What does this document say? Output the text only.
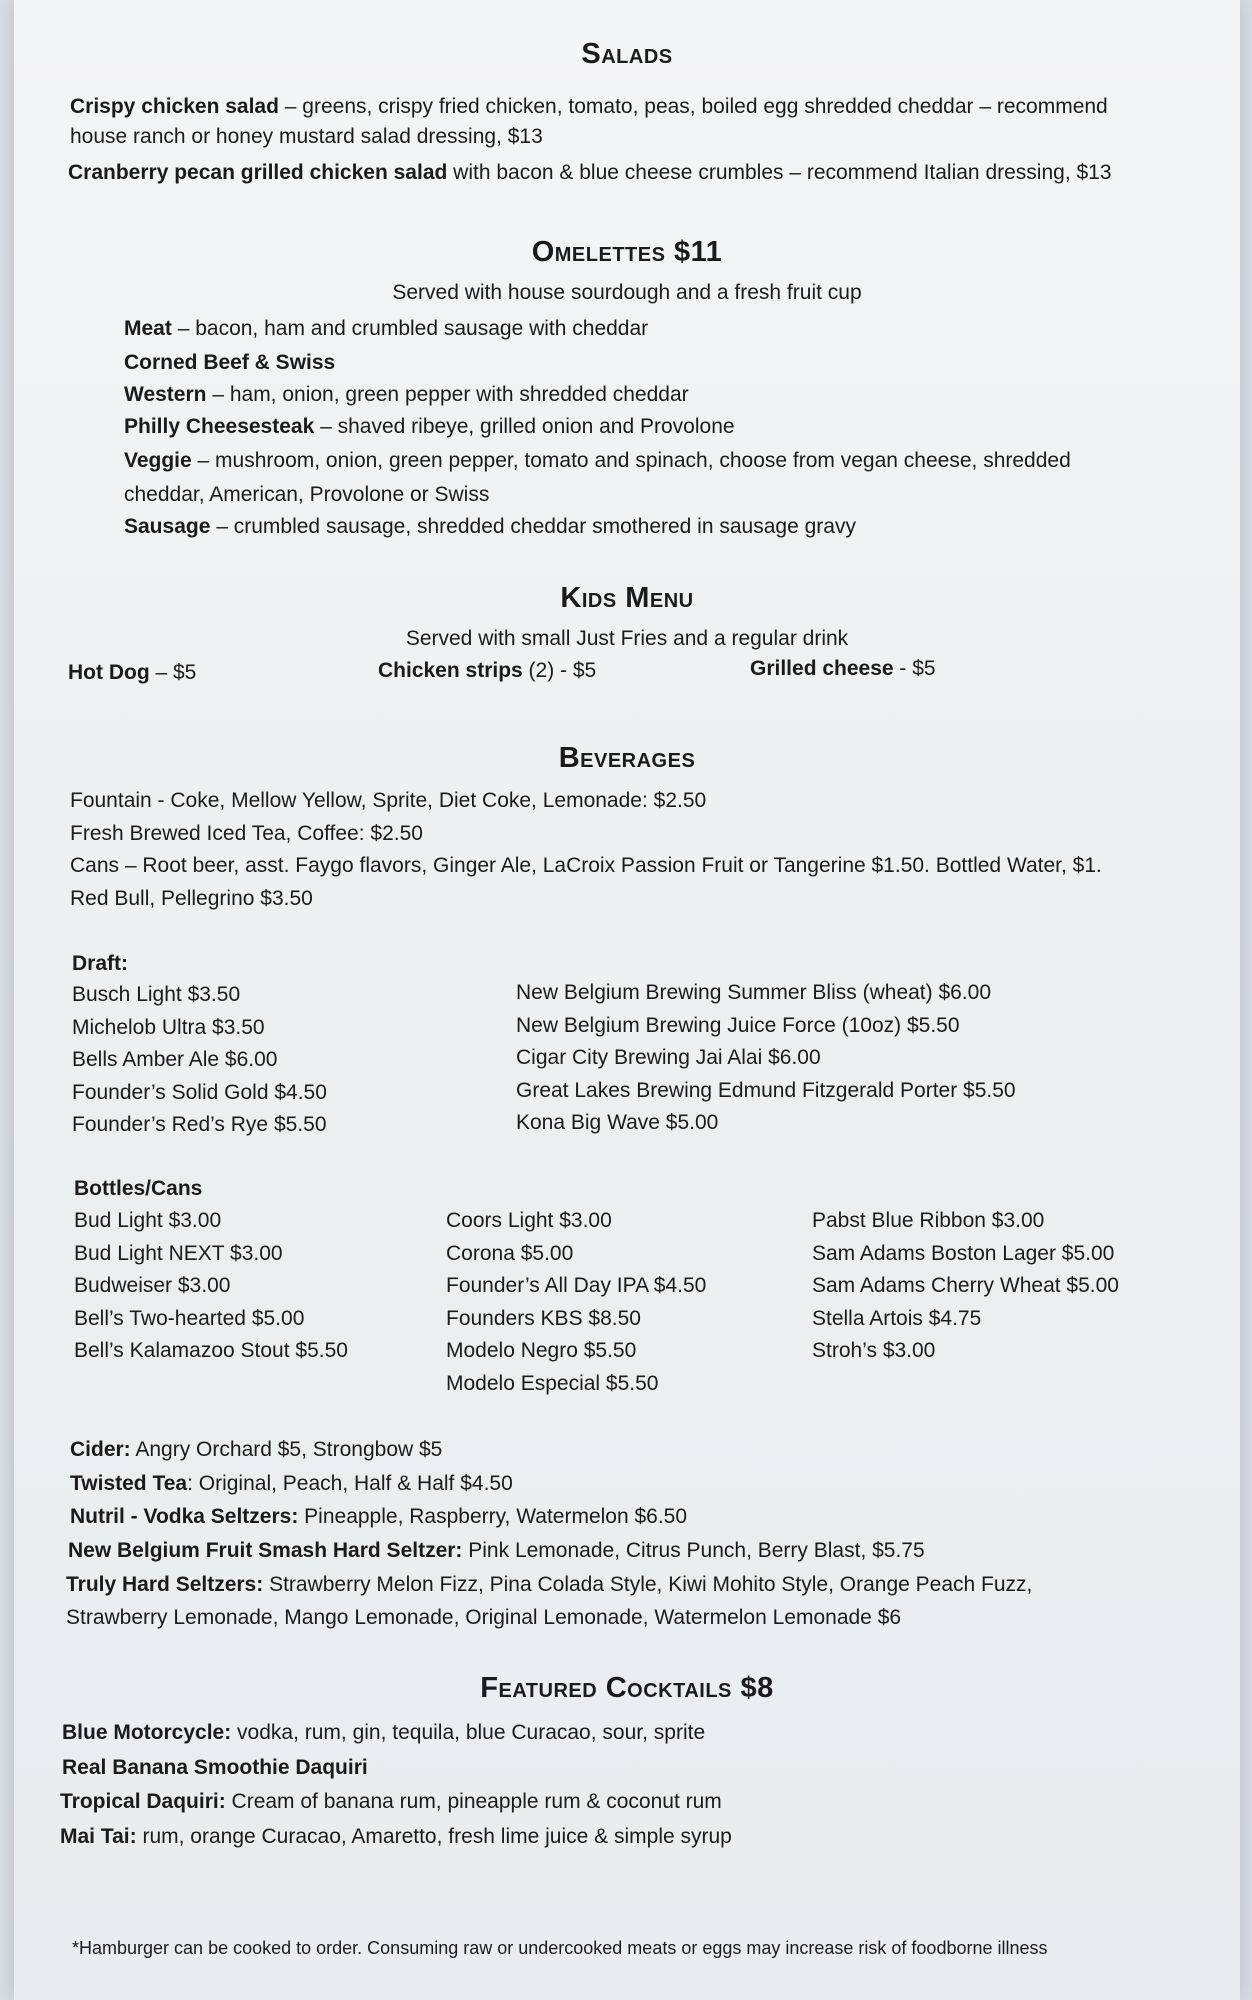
Salads
Crispy chicken salad – greens, crispy fried chicken, tomato, peas, boiled egg shredded cheddar – recommend
house ranch or honey mustard salad dressing, $13
Cranberry pecan grilled chicken salad with bacon & blue cheese crumbles – recommend Italian dressing, $13
Omelettes $11
Served with house sourdough and a fresh fruit cup
Meat – bacon, ham and crumbled sausage with cheddar
Corned Beef & Swiss
Western – ham, onion, green pepper with shredded cheddar
Philly Cheesesteak – shaved ribeye, grilled onion and Provolone
Veggie – mushroom, onion, green pepper, tomato and spinach, choose from vegan cheese, shredded
cheddar, American, Provolone or Swiss
Sausage – crumbled sausage, shredded cheddar smothered in sausage gravy
Kids Menu
Served with small Just Fries and a regular drink
Hot Dog – $5	Chicken strips (2) - $5	Grilled cheese - $5
Beverages
Fountain - Coke, Mellow Yellow, Sprite, Diet Coke, Lemonade: $2.50
Fresh Brewed Iced Tea, Coffee: $2.50
Cans – Root beer, asst. Faygo flavors, Ginger Ale, LaCroix Passion Fruit or Tangerine $1.50. Bottled Water, $1.
Red Bull, Pellegrino $3.50
Draft:
Busch Light $3.50
Michelob Ultra $3.50
Bells Amber Ale $6.00
Founder’s Solid Gold $4.50
Founder’s Red’s Rye $5.50
New Belgium Brewing Summer Bliss (wheat) $6.00
New Belgium Brewing Juice Force (10oz) $5.50
Cigar City Brewing Jai Alai $6.00
Great Lakes Brewing Edmund Fitzgerald Porter $5.50
Kona Big Wave $5.00
Bottles/Cans
Bud Light $3.00
Bud Light NEXT $3.00
Budweiser $3.00
Bell’s Two-hearted $5.00
Bell’s Kalamazoo Stout $5.50
Coors Light $3.00
Corona $5.00
Founder’s All Day IPA $4.50
Founders KBS $8.50
Modelo Negro $5.50
Modelo Especial $5.50
Pabst Blue Ribbon $3.00
Sam Adams Boston Lager $5.00
Sam Adams Cherry Wheat $5.00
Stella Artois $4.75
Stroh’s $3.00
Cider: Angry Orchard $5, Strongbow $5
Twisted Tea: Original, Peach, Half & Half $4.50
Nutril - Vodka Seltzers: Pineapple, Raspberry, Watermelon $6.50
New Belgium Fruit Smash Hard Seltzer: Pink Lemonade, Citrus Punch, Berry Blast, $5.75
Truly Hard Seltzers: Strawberry Melon Fizz, Pina Colada Style, Kiwi Mohito Style, Orange Peach Fuzz,
Strawberry Lemonade, Mango Lemonade, Original Lemonade, Watermelon Lemonade $6
Featured Cocktails $8
Blue Motorcycle: vodka, rum, gin, tequila, blue Curacao, sour, sprite
Real Banana Smoothie Daquiri
Tropical Daquiri: Cream of banana rum, pineapple rum & coconut rum
Mai Tai: rum, orange Curacao, Amaretto, fresh lime juice & simple syrup
*Hamburger can be cooked to order. Consuming raw or undercooked meats or eggs may increase risk of foodborne illness
